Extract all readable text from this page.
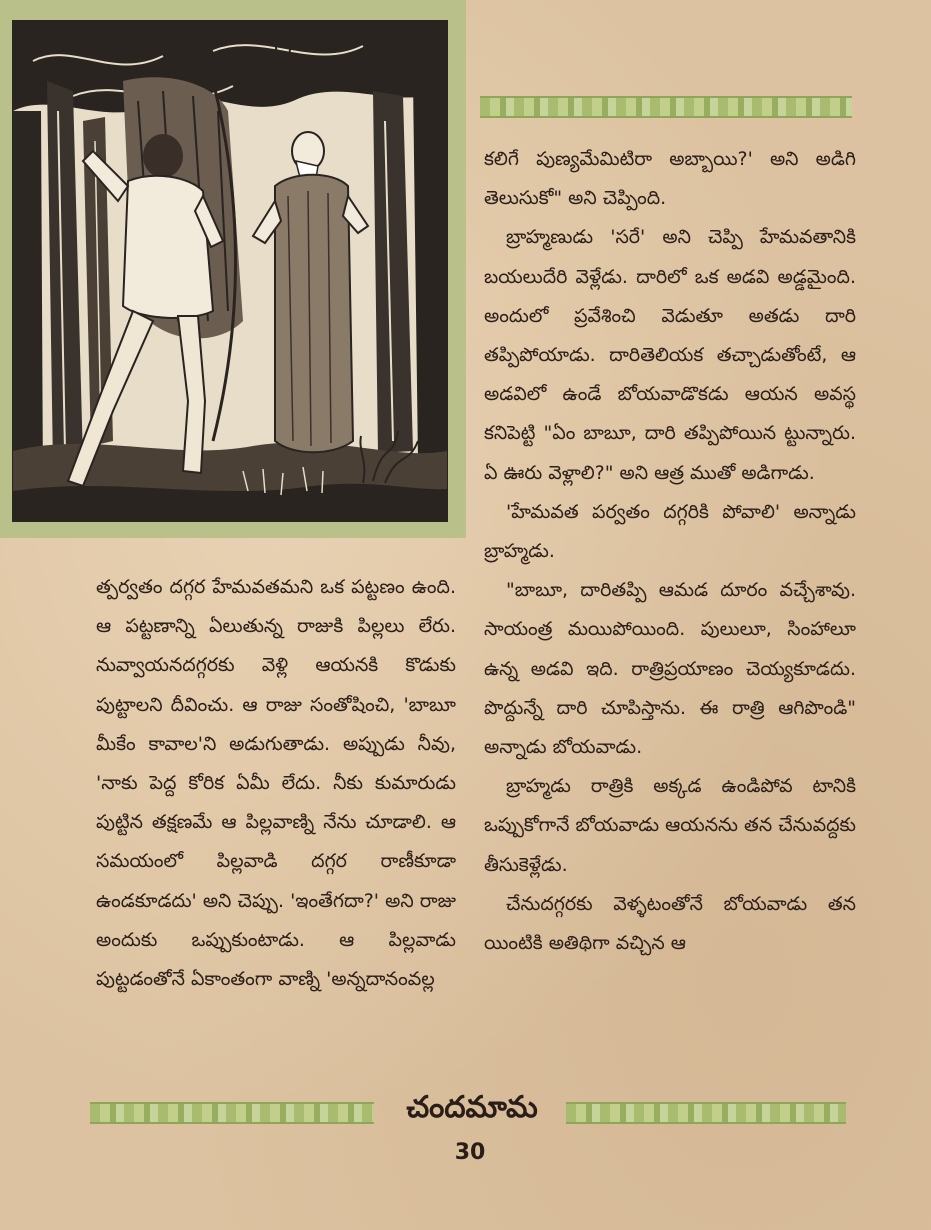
కలిగే పుణ్యమేమిటిరా అబ్బాయి?' అని అడిగి తెలుసుకో" అని చెప్పింది.

బ్రాహ్మణుడు 'సరే' అని చెప్పి హేమవతానికి బయలుదేరి వెళ్లేడు. దారిలో ఒక అడవి అడ్డమైంది. అందులో ప్రవేశించి వెడుతూ అతడు దారి తప్పిపోయాడు. దారితెలియక తచ్చాడుతోంటే, ఆ అడవిలో ఉండే బోయవాడొకడు ఆయన అవస్థ కనిపెట్టి "ఏం బాబూ, దారి తప్పిపోయిన ట్టున్నారు. ఏ ఊరు వెళ్లాలి?" అని ఆత్ర ముతో అడిగాడు.

'హేమవత పర్వతం దగ్గరికి పోవాలి' అన్నాడు బ్రాహ్మడు.

"బాబూ, దారితప్పి ఆమడ దూరం వచ్చేశావు. సాయంత్ర మయిపోయింది. పులులూ, సింహాలూ ఉన్న అడవి ఇది. రాత్రిప్రయాణం చెయ్యకూడదు. పొద్దున్నే దారి చూపిస్తాను. ఈ రాత్రి ఆగిపొండి" అన్నాడు బోయవాడు.

బ్రాహ్మడు రాత్రికి అక్కడ ఉండిపోవ టానికి ఒప్పుకోగానే బోయవాడు ఆయనను తన చేనువద్దకు తీసుకెళ్లేడు.

చేనుదగ్గరకు వెళ్ళటంతోనే బోయవాడు తన యింటికి అతిథిగా వచ్చిన ఆ

త్పర్వతం దగ్గర హేమవతమని ఒక పట్టణం ఉంది. ఆ పట్టణాన్ని ఏలుతున్న రాజుకి పిల్లలు లేరు. నువ్వాయనదగ్గరకు వెళ్లి ఆయనకి కొడుకు పుట్టాలని దీవించు. ఆ రాజు సంతోషించి, 'బాబూ మీకేం కావాల'ని అడుగుతాడు. అప్పుడు నీవు, 'నాకు పెద్ద కోరిక ఏమీ లేదు. నీకు కుమారుడు పుట్టిన తక్షణమే ఆ పిల్లవాణ్ని నేను చూడాలి. ఆ సమయంలో పిల్లవాడి దగ్గర రాణీకూడా ఉండకూడదు' అని చెప్పు. 'ఇంతేగదా?' అని రాజు అందుకు ఒప్పుకుంటాడు. ఆ పిల్లవాడు పుట్టడంతోనే ఏకాంతంగా వాణ్ని 'అన్నదానంవల్ల

చందమామ
30
